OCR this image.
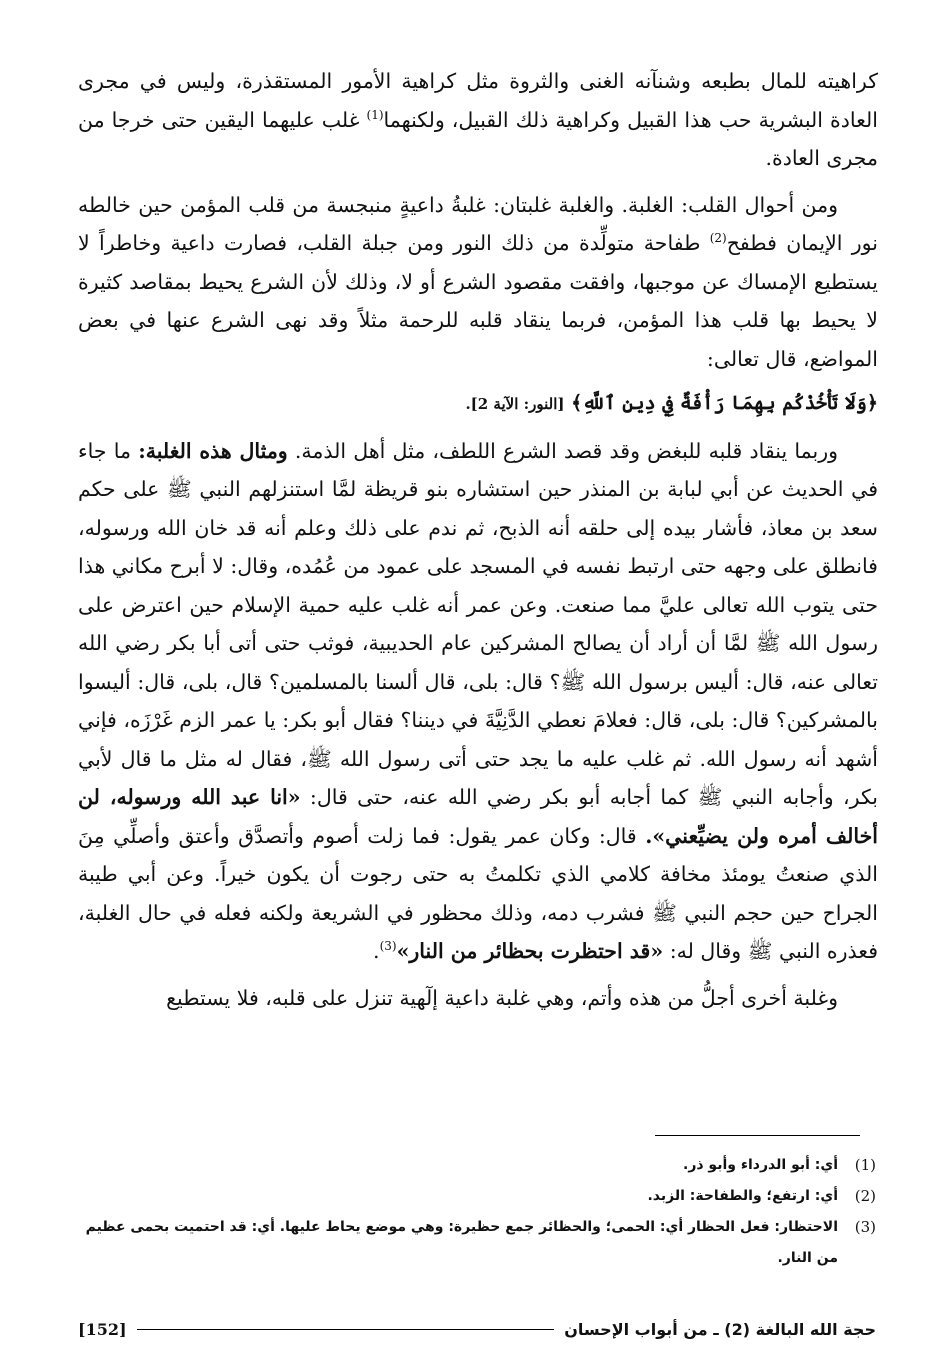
كراهيته للمال بطبعه وشنآنه الغنى والثروة مثل كراهية الأمور المستقذرة، وليس في مجرى العادة البشرية حب هذا القبيل وكراهية ذلك القبيل، ولكنهما$^{(1)}$ غلب عليهما اليقين حتى خرجا من مجرى العادة.

ومن أحوال القلب: الغلبة. والغلبة غلبتان: غلبةُ داعيةٍ منبجسة من قلب المؤمن حين خالطه نور الإيمان فطفح$^{(2)}$ طفاحة متولِّدة من ذلك النور ومن جبلة القلب، فصارت داعية وخاطراً لا يستطيع الإمساك عن موجبها، وافقت مقصود الشرع أو لا، وذلك لأن الشرع يحيط بمقاصد كثيرة لا يحيط بها قلب هذا المؤمن، فربما ينقاد قلبه للرحمة مثلاً وقد نهى الشرع عنها في بعض المواضع، قال تعالى:

﴿وَلَا تَأْخُذْكُم بِهِمَا رَأْفَةٌ فِي دِينِ ٱللَّهِ﴾ [النور: الآية 2].

وربما ينقاد قلبه للبغض وقد قصد الشرع اللطف، مثل أهل الذمة. ومثال هذه الغلبة: ما جاء في الحديث عن أبي لبابة بن المنذر حين استشاره بنو قريظة لمَّا استنزلهم النبي ﷺ على حكم سعد بن معاذ، فأشار بيده إلى حلقه أنه الذبح، ثم ندم على ذلك وعلم أنه قد خان الله ورسوله، فانطلق على وجهه حتى ارتبط نفسه في المسجد على عمود من عُمُده، وقال: لا أبرح مكاني هذا حتى يتوب الله تعالى عليَّ مما صنعت. وعن عمر أنه غلب عليه حمية الإسلام حين اعترض على رسول الله ﷺ لمَّا أن أراد أن يصالح المشركين عام الحديبية، فوثب حتى أتى أبا بكر رضي الله تعالى عنه، قال: أليس برسول الله ﷺ؟ قال: بلى، قال ألسنا بالمسلمين؟ قال، بلى، قال: أليسوا بالمشركين؟ قال: بلى، قال: فعلامَ نعطي الدَّنِيَّةَ في ديننا؟ فقال أبو بكر: يا عمر الزم غَرْزَه، فإني أشهد أنه رسول الله. ثم غلب عليه ما يجد حتى أتى رسول الله ﷺ، فقال له مثل ما قال لأبي بكر، وأجابه النبي ﷺ كما أجابه أبو بكر رضي الله عنه، حتى قال: «انا عبد الله ورسوله، لن أخالف أمره ولن يضيِّعني». قال: وكان عمر يقول: فما زلت أصوم وأتصدَّق وأعتق وأصلِّي مِنَ الذي صنعتُ يومئذ مخافة كلامي الذي تكلمتُ به حتى رجوت أن يكون خيراً. وعن أبي طيبة الجراح حين حجم النبي ﷺ فشرب دمه، وذلك محظور في الشريعة ولكنه فعله في حال الغلبة، فعذره النبي ﷺ وقال له: «قد احتظرت بحظائر من النار»$^{(3)}$.

وغلبة أخرى أجلُّ من هذه وأتم، وهي غلبة داعية إلٓهية تنزل على قلبه، فلا يستطيع

(1)
أي: أبو الدرداء وأبو ذر.
(2)
أي: ارتفع؛ والطفاحة: الزبد.
(3)
الاحتظار: فعل الحظار أي: الحمى؛ والحظائر جمع حظيرة: وهي موضع يحاط عليها. أي: قد احتميت بحمى عظيم من النار.
حجة الله البالغة (2) ـ من أبواب الإحسان
[152]
